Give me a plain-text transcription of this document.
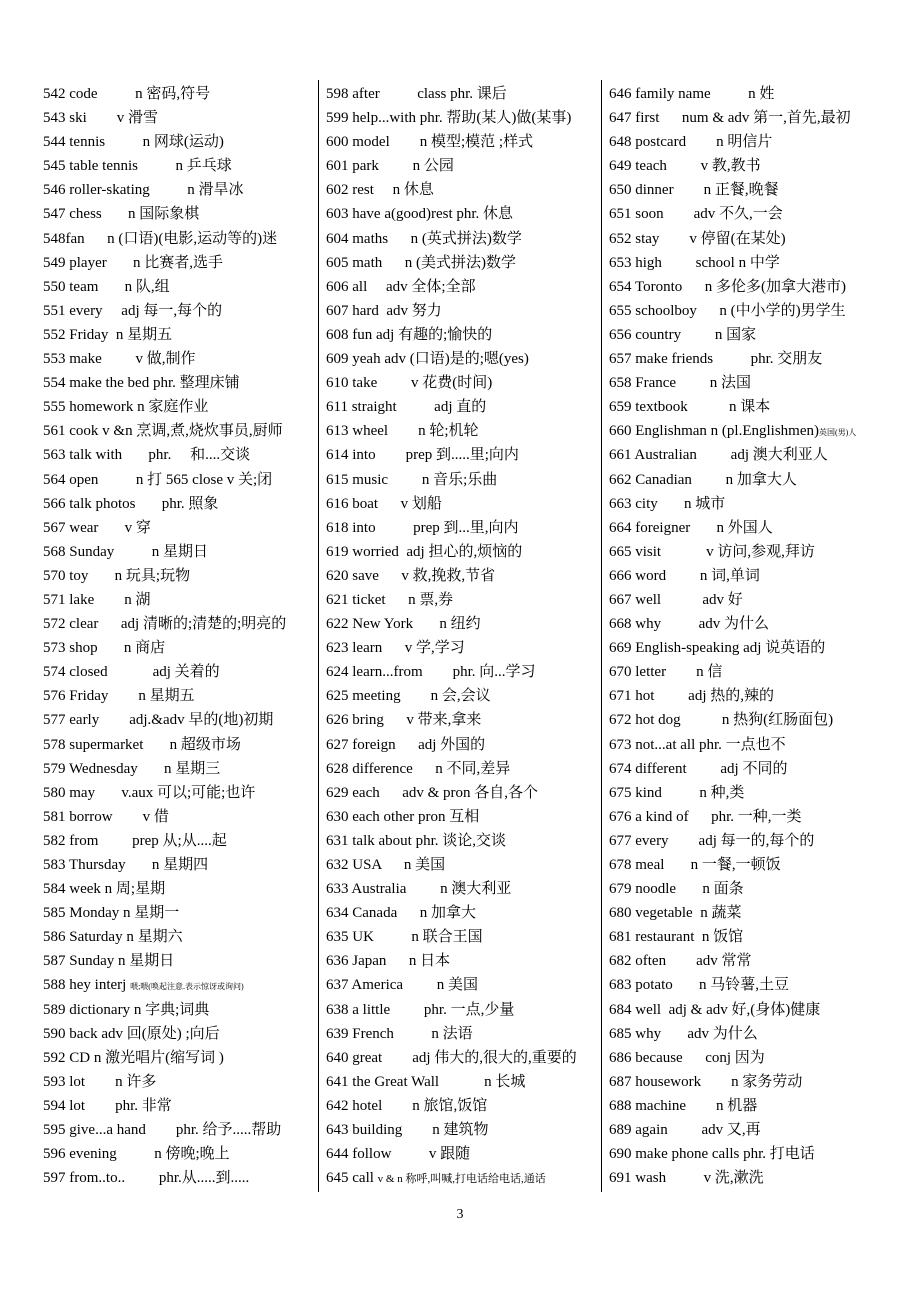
542 code          n 密码,符号
543 ski        v 滑雪
544 tennis          n 网球(运动)
545 table tennis          n 乒乓球
546 roller-skating          n 滑旱冰
547 chess       n 国际象棋
548fan      n (口语)(电影,运动等的)迷
549 player       n 比赛者,选手
550 team       n 队,组
551 every     adj 每一,每个的
552 Friday  n 星期五
553 make         v 做,制作
554 make the bed phr. 整理床铺
555 homework n 家庭作业
561 cook v &n 烹调,煮,烧炊事员,厨师
563 talk with       phr.     和....交谈
564 open          n 打 565 close v 关;闭
566 talk photos       phr. 照象
567 wear       v 穿
568 Sunday          n 星期日
570 toy       n 玩具;玩物
571 lake        n 湖
572 clear      adj 清晰的;清楚的;明亮的
573 shop       n 商店
574 closed            adj 关着的
576 Friday        n 星期五
577 early        adj.&adv 早的(地)初期
578 supermarket       n 超级市场
579 Wednesday       n 星期三
580 may       v.aux 可以;可能;也许
581 borrow        v 借
582 from         prep 从;从....起
583 Thursday       n 星期四
584 week n 周;星期
585 Monday n 星期一
586 Saturday n 星期六
587 Sunday n 星期日
588 hey interj 喂;喂(唤起注意.表示惊讶或询问)
589 dictionary n 字典;词典
590 back adv 回(原处) ;向后
592 CD n 激光唱片(缩写词 )
593 lot        n 许多
594 lot        phr. 非常
595 give...a hand        phr. 给予.....帮助
596 evening          n 傍晚;晚上
597 from..to..         phr.从.....到.....
598 after          class phr. 课后
599 help...with phr. 帮助(某人)做(某事)
600 model        n 模型;模范 ;样式
601 park         n 公园
602 rest     n 休息
603 have a(good)rest phr. 休息
604 maths      n (英式拼法)数学
605 math      n (美式拼法)数学
606 all     adv 全体;全部
607 hard  adv 努力
608 fun adj 有趣的;愉快的
609 yeah adv (口语)是的;嗯(yes)
610 take         v 花费(时间)
611 straight          adj 直的
613 wheel        n 轮;机轮
614 into        prep 到.....里;向内
615 music         n 音乐;乐曲
616 boat      v 划船
618 into          prep 到...里,向内
619 worried  adj 担心的,烦恼的
620 save      v 救,挽救,节省
621 ticket      n 票,券
622 New York       n 纽约
623 learn      v 学,学习
624 learn...from        phr. 向...学习
625 meeting        n 会,会议
626 bring      v 带来,拿来
627 foreign      adj 外国的
628 difference      n 不同,差异
629 each      adv & pron 各自,各个
630 each other pron 互相
631 talk about phr. 谈论,交谈
632 USA      n 美国
633 Australia         n 澳大利亚
634 Canada      n 加拿大
635 UK          n 联合王国
636 Japan      n 日本
637 America         n 美国
638 a little         phr. 一点,少量
639 French          n 法语
640 great        adj 伟大的,很大的,重要的
641 the Great Wall            n 长城
642 hotel        n 旅馆,饭馆
643 building        n 建筑物
644 follow          v 跟随
645 call v & n 称呼,叫喊,打电话给电话,通话
646 family name          n 姓
647 first      num & adv 第一,首先,最初
648 postcard        n 明信片
649 teach         v 教,教书
650 dinner        n 正餐,晚餐
651 soon        adv 不久,一会
652 stay        v 停留(在某处)
653 high         school n 中学
654 Toronto      n 多伦多(加拿大港市)
655 schoolboy      n (中小学的)男学生
656 country         n 国家
657 make friends          phr. 交朋友
658 France         n 法国
659 textbook           n 课本
660 Englishman n (pl.Englishmen)英国(男)人
661 Australian         adj 澳大利亚人
662 Canadian         n 加拿大人
663 city       n 城市
664 foreigner       n 外国人
665 visit            v 访问,参观,拜访
666 word         n 词,单词
667 well           adv 好
668 why          adv 为什么
669 English-speaking adj 说英语的
670 letter        n 信
671 hot         adj 热的,辣的
672 hot dog           n 热狗(红肠面包)
673 not...at all phr. 一点也不
674 different         adj 不同的
675 kind          n 种,类
676 a kind of      phr. 一种,一类
677 every        adj 每一的,每个的
678 meal       n 一餐,一顿饭
679 noodle       n 面条
680 vegetable  n 蔬菜
681 restaurant  n 饭馆
682 often        adv 常常
683 potato       n 马铃薯,土豆
684 well  adj & adv 好,(身体)健康
685 why       adv 为什么
686 because      conj 因为
687 housework        n 家务劳动
688 machine        n 机器
689 again         adv 又,再
690 make phone calls phr. 打电话
691 wash          v 洗,漱洗
3
